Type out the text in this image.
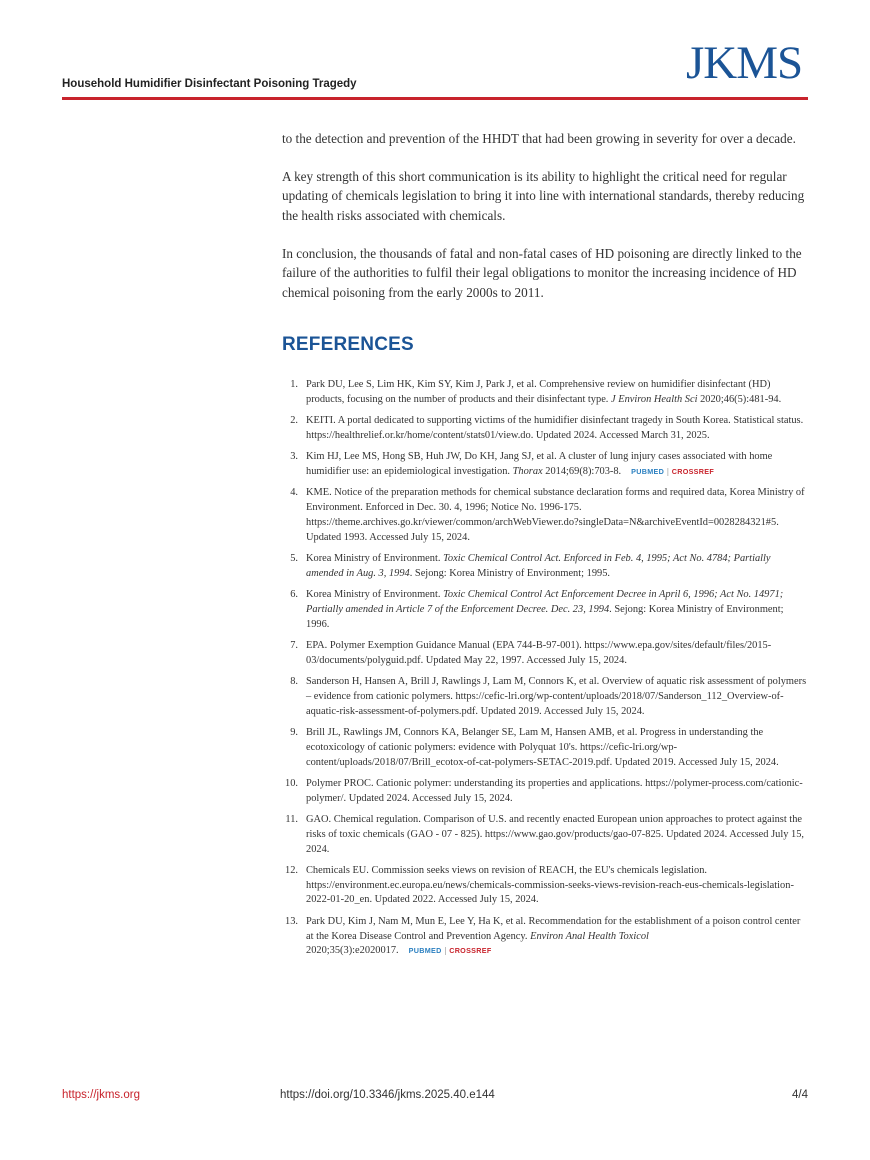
Household Humidifier Disinfectant Poisoning Tragedy	JKMS

to the detection and prevention of the HHDT that had been growing in severity for over a decade.

A key strength of this short communication is its ability to highlight the critical need for regular updating of chemicals legislation to bring it into line with international standards, thereby reducing the health risks associated with chemicals.

In conclusion, the thousands of fatal and non-fatal cases of HD poisoning are directly linked to the failure of the authorities to fulfil their legal obligations to monitor the increasing incidence of HD chemical poisoning from the early 2000s to 2011.

REFERENCES
1. Park DU, Lee S, Lim HK, Kim SY, Kim J, Park J, et al. Comprehensive review on humidifier disinfectant (HD) products, focusing on the number of products and their disinfectant type. J Environ Health Sci 2020;46(5):481-94.
2. KEITI. A portal dedicated to supporting victims of the humidifier disinfectant tragedy in South Korea. Statistical status. https://healthrelief.or.kr/home/content/stats01/view.do. Updated 2024. Accessed March 31, 2025.
3. Kim HJ, Lee MS, Hong SB, Huh JW, Do KH, Jang SJ, et al. A cluster of lung injury cases associated with home humidifier use: an epidemiological investigation. Thorax 2014;69(8):703-8. PUBMED | CROSSREF
4. KME. Notice of the preparation methods for chemical substance declaration forms and required data, Korea Ministry of Environment. Enforced in Dec. 30. 4, 1996; Notice No. 1996-175. https://theme.archives.go.kr/viewer/common/archWebViewer.do?singleData=N&archiveEventId=0028284321#5. Updated 1993. Accessed July 15, 2024.
5. Korea Ministry of Environment. Toxic Chemical Control Act. Enforced in Feb. 4, 1995; Act No. 4784; Partially amended in Aug. 3, 1994. Sejong: Korea Ministry of Environment; 1995.
6. Korea Ministry of Environment. Toxic Chemical Control Act Enforcement Decree in April 6, 1996; Act No. 14971; Partially amended in Article 7 of the Enforcement Decree. Dec. 23, 1994. Sejong: Korea Ministry of Environment; 1996.
7. EPA. Polymer Exemption Guidance Manual (EPA 744-B-97-001). https://www.epa.gov/sites/default/files/2015-03/documents/polyguid.pdf. Updated May 22, 1997. Accessed July 15, 2024.
8. Sanderson H, Hansen A, Brill J, Rawlings J, Lam M, Connors K, et al. Overview of aquatic risk assessment of polymers – evidence from cationic polymers. https://cefic-lri.org/wp-content/uploads/2018/07/Sanderson_112_Overview-of-aquatic-risk-assessment-of-polymers.pdf. Updated 2019. Accessed July 15, 2024.
9. Brill JL, Rawlings JM, Connors KA, Belanger SE, Lam M, Hansen AMB, et al. Progress in understanding the ecotoxicology of cationic polymers: evidence with Polyquat 10's. https://cefic-lri.org/wp-content/uploads/2018/07/Brill_ecotox-of-cat-polymers-SETAC-2019.pdf. Updated 2019. Accessed July 15, 2024.
10. Polymer PROC. Cationic polymer: understanding its properties and applications. https://polymer-process.com/cationic-polymer/. Updated 2024. Accessed July 15, 2024.
11. GAO. Chemical regulation. Comparison of U.S. and recently enacted European union approaches to protect against the risks of toxic chemicals (GAO - 07 - 825). https://www.gao.gov/products/gao-07-825. Updated 2024. Accessed July 15, 2024.
12. Chemicals EU. Commission seeks views on revision of REACH, the EU's chemicals legislation. https://environment.ec.europa.eu/news/chemicals-commission-seeks-views-revision-reach-eus-chemicals-legislation-2022-01-20_en. Updated 2022. Accessed July 15, 2024.
13. Park DU, Kim J, Nam M, Mun E, Lee Y, Ha K, et al. Recommendation for the establishment of a poison control center at the Korea Disease Control and Prevention Agency. Environ Anal Health Toxicol 2020;35(3):e2020017. PUBMED | CROSSREF
https://jkms.org	https://doi.org/10.3346/jkms.2025.40.e144	4/4
